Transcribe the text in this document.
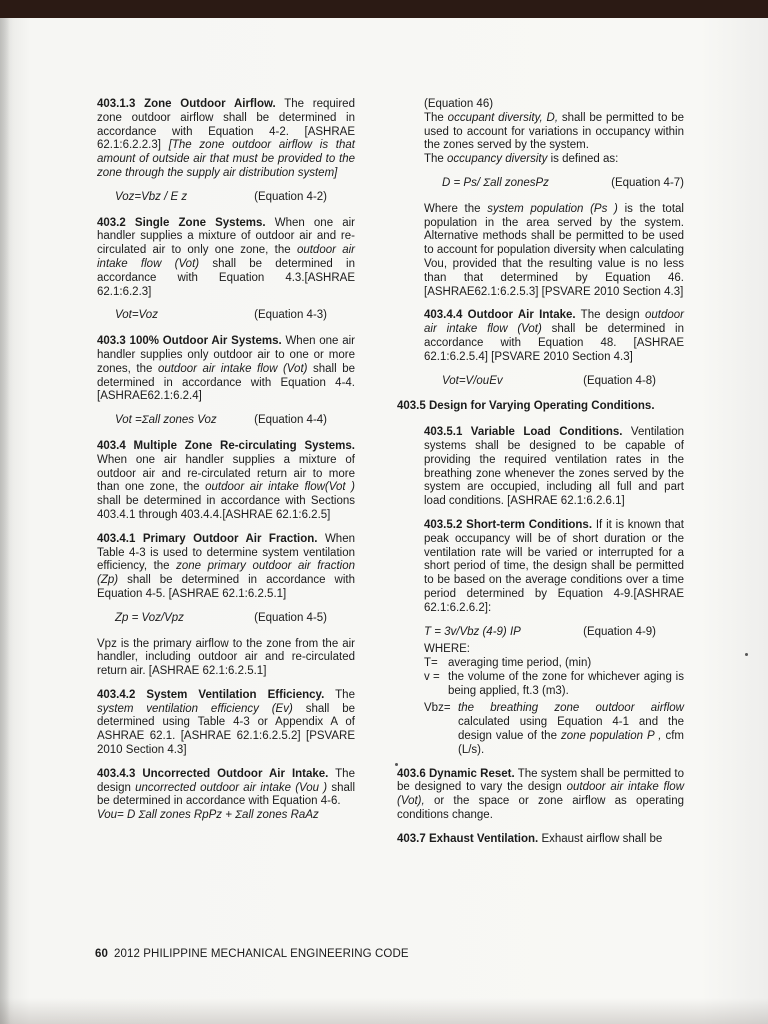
403.1.3 Zone Outdoor Airflow. The required zone outdoor airflow shall be determined in accordance with Equation 4-2. [ASHRAE 62.1:6.2.2.3] [The zone outdoor airflow is that amount of outside air that must be provided to the zone through the supply air distribution system]

Voz=Vbz / E z	(Equation 4-2)

403.2 Single Zone Systems. When one air handler supplies a mixture of outdoor air and re-circulated air to only one zone, the outdoor air intake flow (Vot) shall be determined in accordance with Equation 4.3.[ASHRAE 62.1:6.2.3]

Vot=Voz	(Equation 4-3)

403.3 100% Outdoor Air Systems. When one air handler supplies only outdoor air to one or more zones, the outdoor air intake flow (Vot) shall be determined in accordance with Equation 4-4. [ASHRAE62.1:6.2.4]

Vot =Σall zones Voz	(Equation 4-4)

403.4 Multiple Zone Re-circulating Systems. When one air handler supplies a mixture of outdoor air and re-circulated return air to more than one zone, the outdoor air intake flow(Vot ) shall be determined in accordance with Sections 403.4.1 through 403.4.4.[ASHRAE 62.1:6.2.5]

403.4.1 Primary Outdoor Air Fraction. When Table 4-3 is used to determine system ventilation efficiency, the zone primary outdoor air fraction (Zp) shall be determined in accordance with Equation 4-5. [ASHRAE 62.1:6.2.5.1]

Zp = Voz/Vpz	(Equation 4-5)

Vpz is the primary airflow to the zone from the air handler, including outdoor air and re-circulated return air. [ASHRAE 62.1:6.2.5.1]

403.4.2 System Ventilation Efficiency. The system ventilation efficiency (Ev) shall be determined using Table 4-3 or Appendix A of ASHRAE 62.1. [ASHRAE 62.1:6.2.5.2] [PSVARE 2010 Section 4.3]

403.4.3 Uncorrected Outdoor Air Intake. The design uncorrected outdoor air intake (Vou ) shall be determined in accordance with Equation 4-6.

Vou= D Σall zones RpPz + Σall zones RaAz
(Equation 46)

The occupant diversity, D, shall be permitted to be used to account for variations in occupancy within the zones served by the system.

The occupancy diversity is defined as:

D = Ps/ Σall zonesPz	(Equation 4-7)

Where the system population (Ps ) is the total population in the area served by the system. Alternative methods shall be permitted to be used to account for population diversity when calculating Vou, provided that the resulting value is no less than that determined by Equation 46. [ASHRAE62.1:6.2.5.3] [PSVARE 2010 Section 4.3]

403.4.4 Outdoor Air Intake. The design outdoor air intake flow (Vot) shall be determined in accordance with Equation 48. [ASHRAE 62.1:6.2.5.4] [PSVARE 2010 Section 4.3]

Vot=V/ouEv	(Equation 4-8)
403.5 Design for Varying Operating Conditions.

403.5.1 Variable Load Conditions. Ventilation systems shall be designed to be capable of providing the required ventilation rates in the breathing zone whenever the zones served by the system are occupied, including all full and part load conditions. [ASHRAE 62.1:6.2.6.1]

403.5.2 Short-term Conditions. If it is known that peak occupancy will be of short duration or the ventilation rate will be varied or interrupted for a short period of time, the design shall be permitted to be based on the average conditions over a time period determined by Equation 4-9.[ASHRAE 62.1:6.2.6.2]:

T = 3v/Vbz (4-9) IP	(Equation 4-9)
WHERE:
T= averaging time period, (min)
v = the volume of the zone for whichever aging is being applied, ft.3 (m3).
Vbz= the breathing zone outdoor airflow calculated using Equation 4-1 and the design value of the zone population P , cfm (L/s).

403.6 Dynamic Reset. The system shall be permitted to be designed to vary the design outdoor air intake flow (Vot), or the space or zone airflow as operating conditions change.

403.7 Exhaust Ventilation. Exhaust airflow shall be

60 2012 PHILIPPINE MECHANICAL ENGINEERING CODE
